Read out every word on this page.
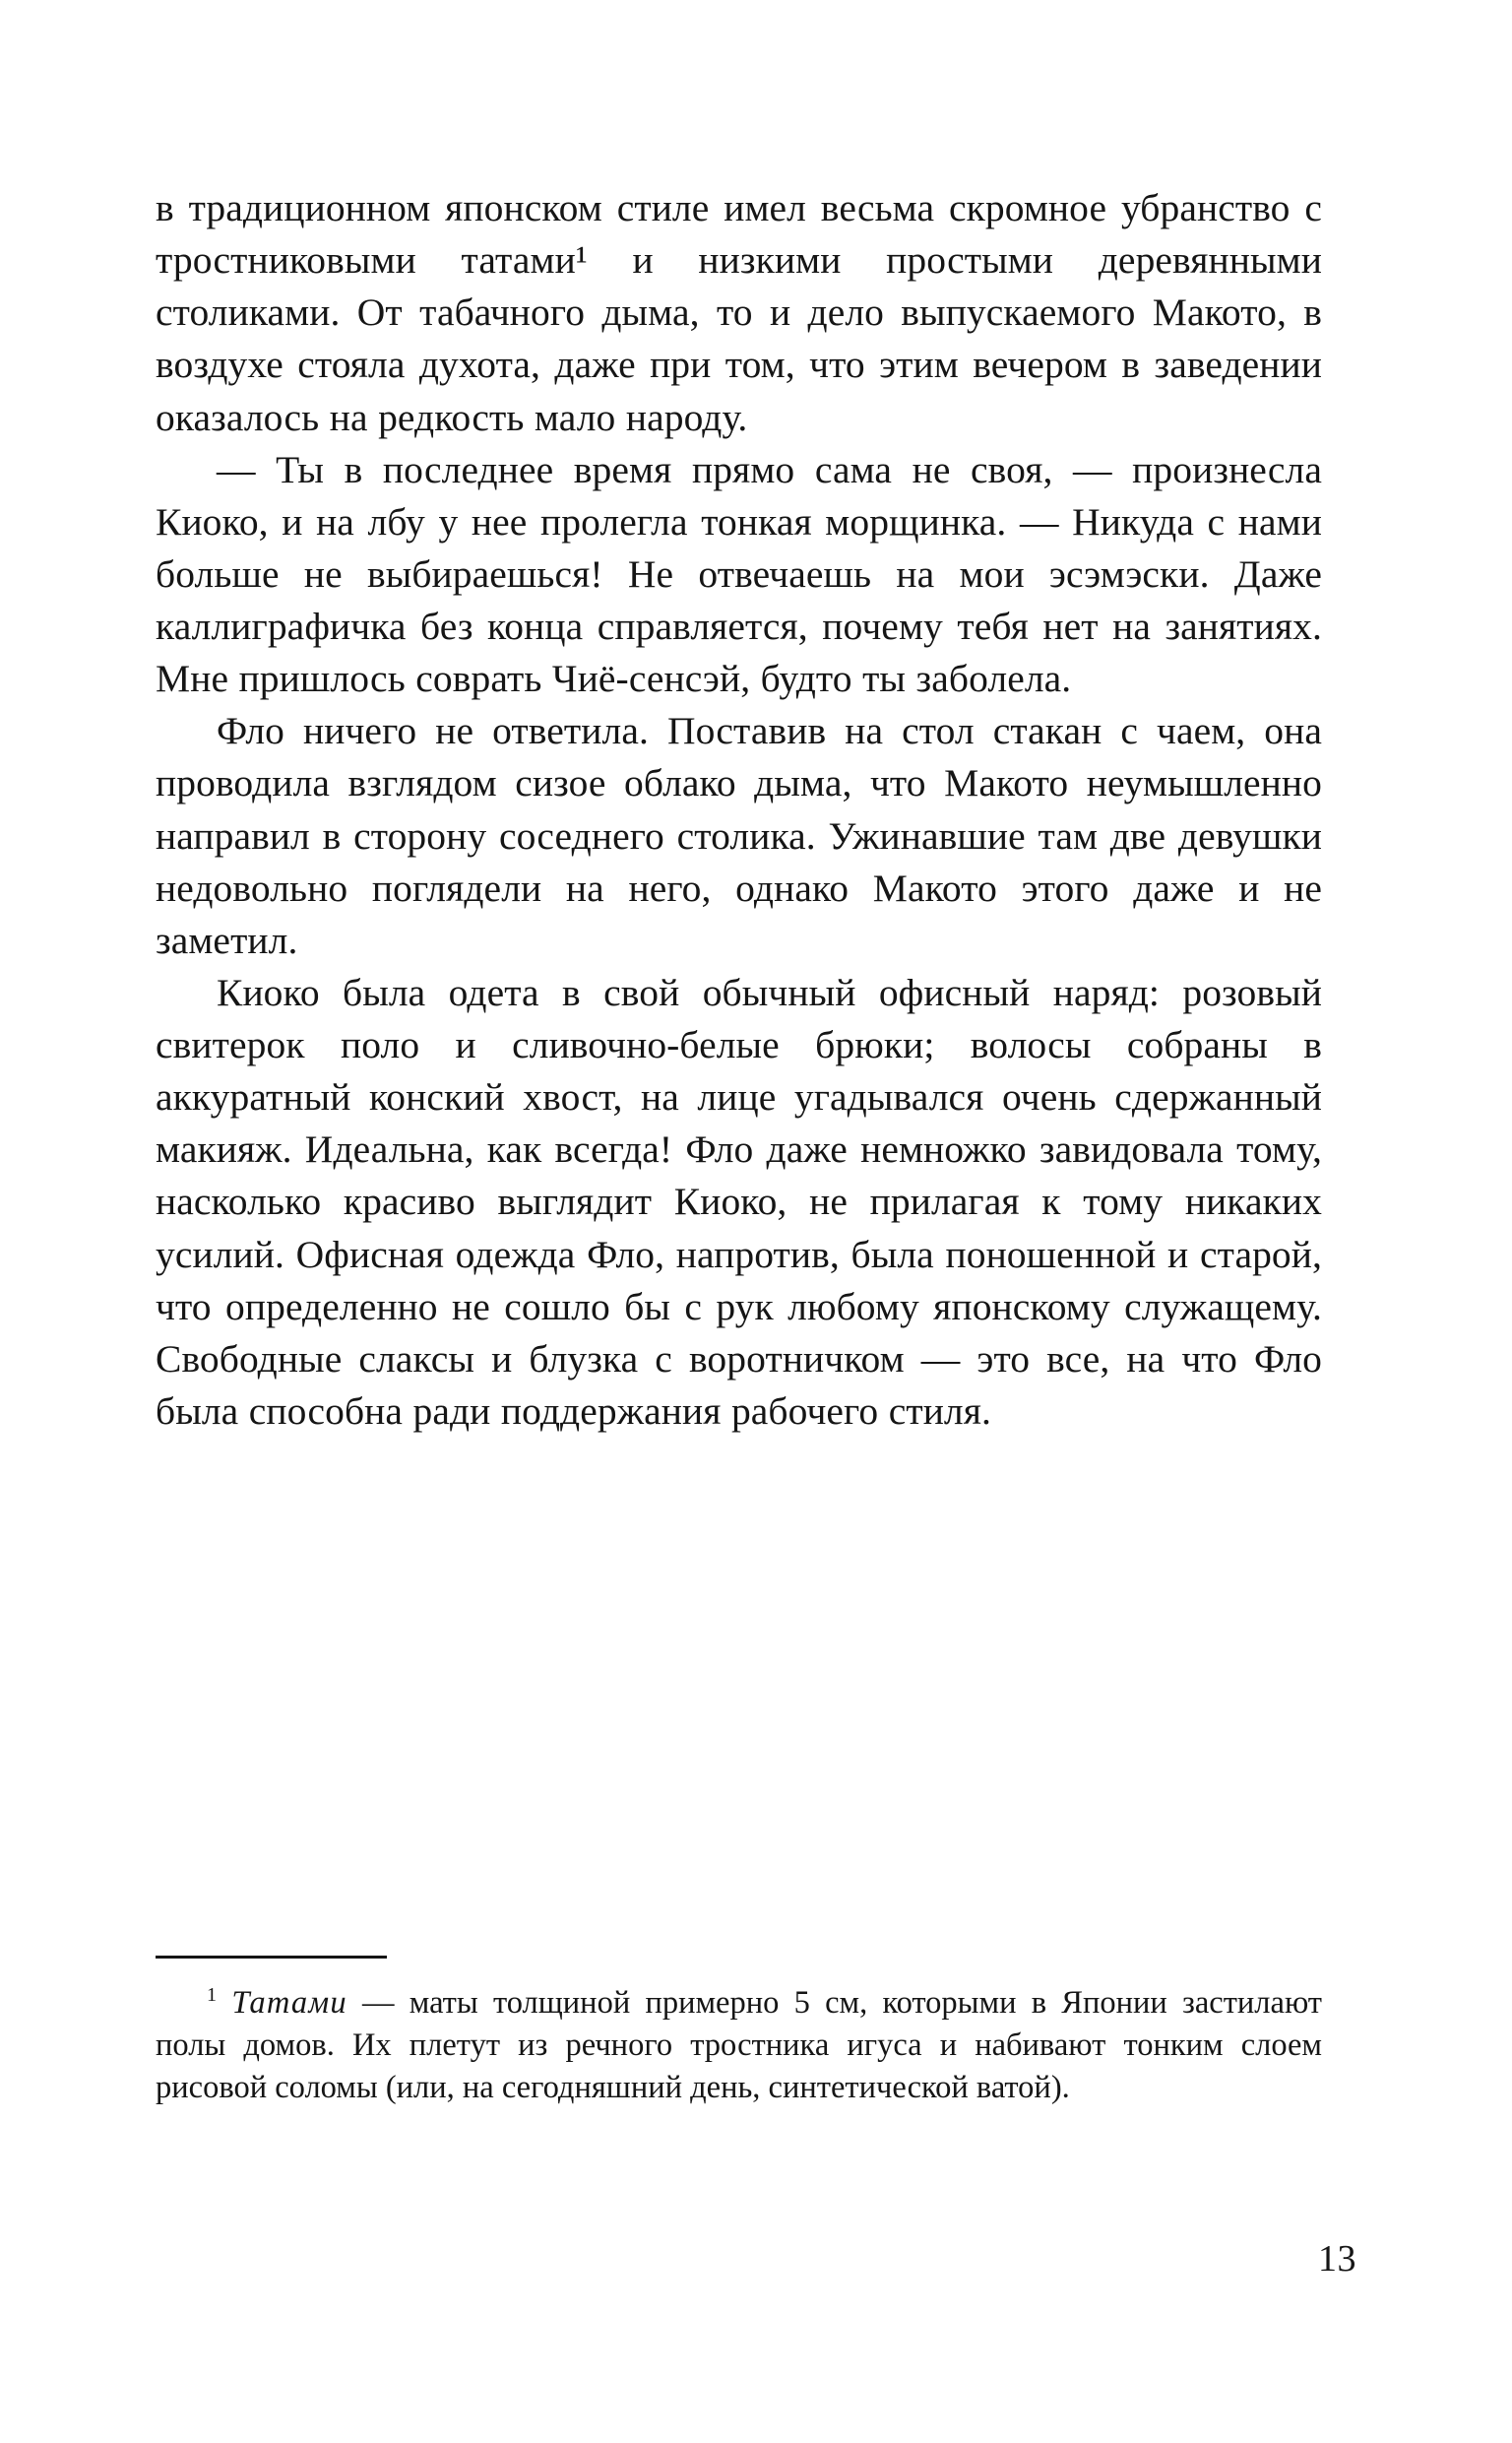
в традиционном японском стиле имел весьма скромное убранство с тростниковыми татами¹ и низкими простыми деревянными столиками. От табачного дыма, то и дело выпускаемого Макото, в воздухе стояла духота, даже при том, что этим вечером в заведении оказалось на редкость мало народу.

— Ты в последнее время прямо сама не своя, — произнесла Киоко, и на лбу у нее пролегла тонкая морщинка. — Никуда с нами больше не выбираешься! Не отвечаешь на мои эсэмэски. Даже каллиграфичка без конца справляется, почему тебя нет на занятиях. Мне пришлось соврать Чиё-сенсэй, будто ты заболела.

Фло ничего не ответила. Поставив на стол стакан с чаем, она проводила взглядом сизое облако дыма, что Макото неумышленно направил в сторону соседнего столика. Ужинавшие там две девушки недовольно поглядели на него, однако Макото этого даже и не заметил.

Киоко была одета в свой обычный офисный наряд: розовый свитерок поло и сливочно-белые брюки; волосы собраны в аккуратный конский хвост, на лице угадывался очень сдержанный макияж. Идеальна, как всегда! Фло даже немножко завидовала тому, насколько красиво выглядит Киоко, не прилагая к тому никаких усилий. Офисная одежда Фло, напротив, была поношенной и старой, что определенно не сошло бы с рук любому японскому служащему. Свободные слаксы и блузка с воротничком — это все, на что Фло была способна ради поддержания рабочего стиля.

$^1$ Татами — маты толщиной примерно 5 см, которыми в Японии застилают полы домов. Их плетут из речного тростника игуса и набивают тонким слоем рисовой соломы (или, на сегодняшний день, синтетической ватой).

13
